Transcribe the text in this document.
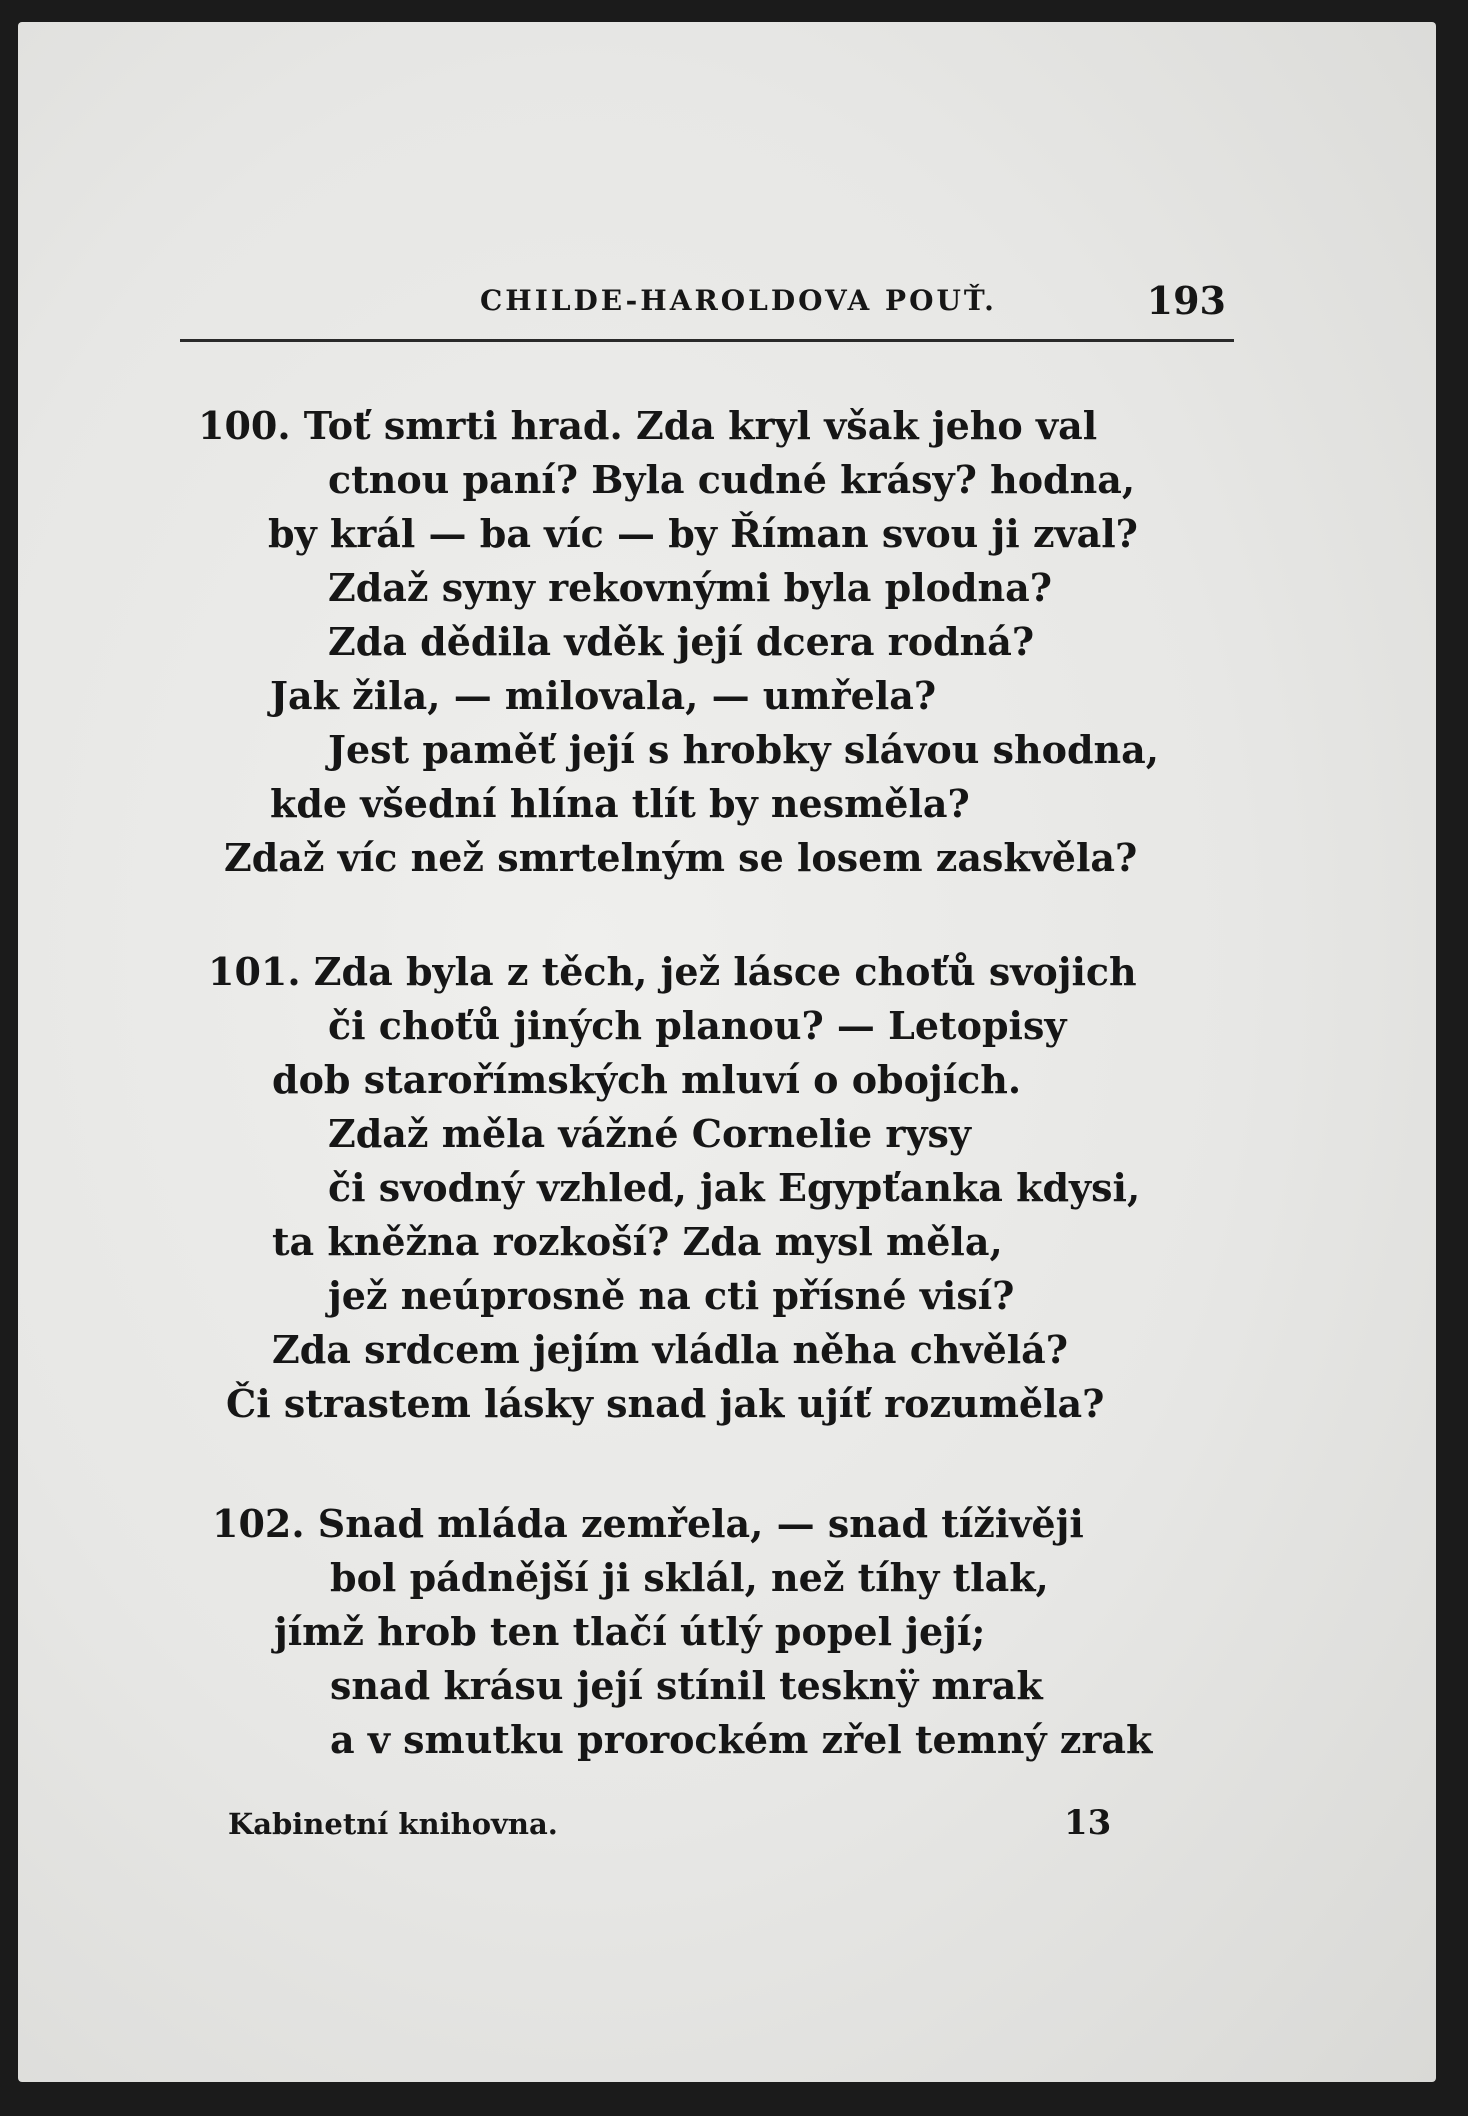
CHILDE-HAROLDOVA POUŤ.	193
100. Toť smrti hrad. Zda kryl však jeho val
ctnou paní? Byla cudné krásy? hodna,
by král — ba víc — by Říman svou ji zval?
Zdaž syny rekovnými byla plodna?
Zda dědila vděk její dcera rodná?
Jak žila, — milovala, — umřela?
Jest paměť její s hrobky slávou shodna,
kde všední hlína tlít by nesměla?
Zdaž víc než smrtelným se losem zaskvěla?
101. Zda byla z těch, jež lásce choťů svojich
či choťů jiných planou? — Letopisy
dob starořímských mluví o obojích.
Zdaž měla vážné Cornelie rysy
či svodný vzhled, jak Egypťanka kdysi,
ta kněžna rozkoší? Zda mysl měla,
jež neúprosně na cti přísné visí?
Zda srdcem jejím vládla něha chvělá?
Či strastem lásky snad jak ujíť rozuměla?
102. Snad mláda zemřela, — snad tíživěji
bol pádnější ji sklál, než tíhy tlak,
jímž hrob ten tlačí útlý popel její;
snad krásu její stínil tesknÿ mrak
a v smutku prorockém zřel temný zrak
Kabinetní knihovna.	13
